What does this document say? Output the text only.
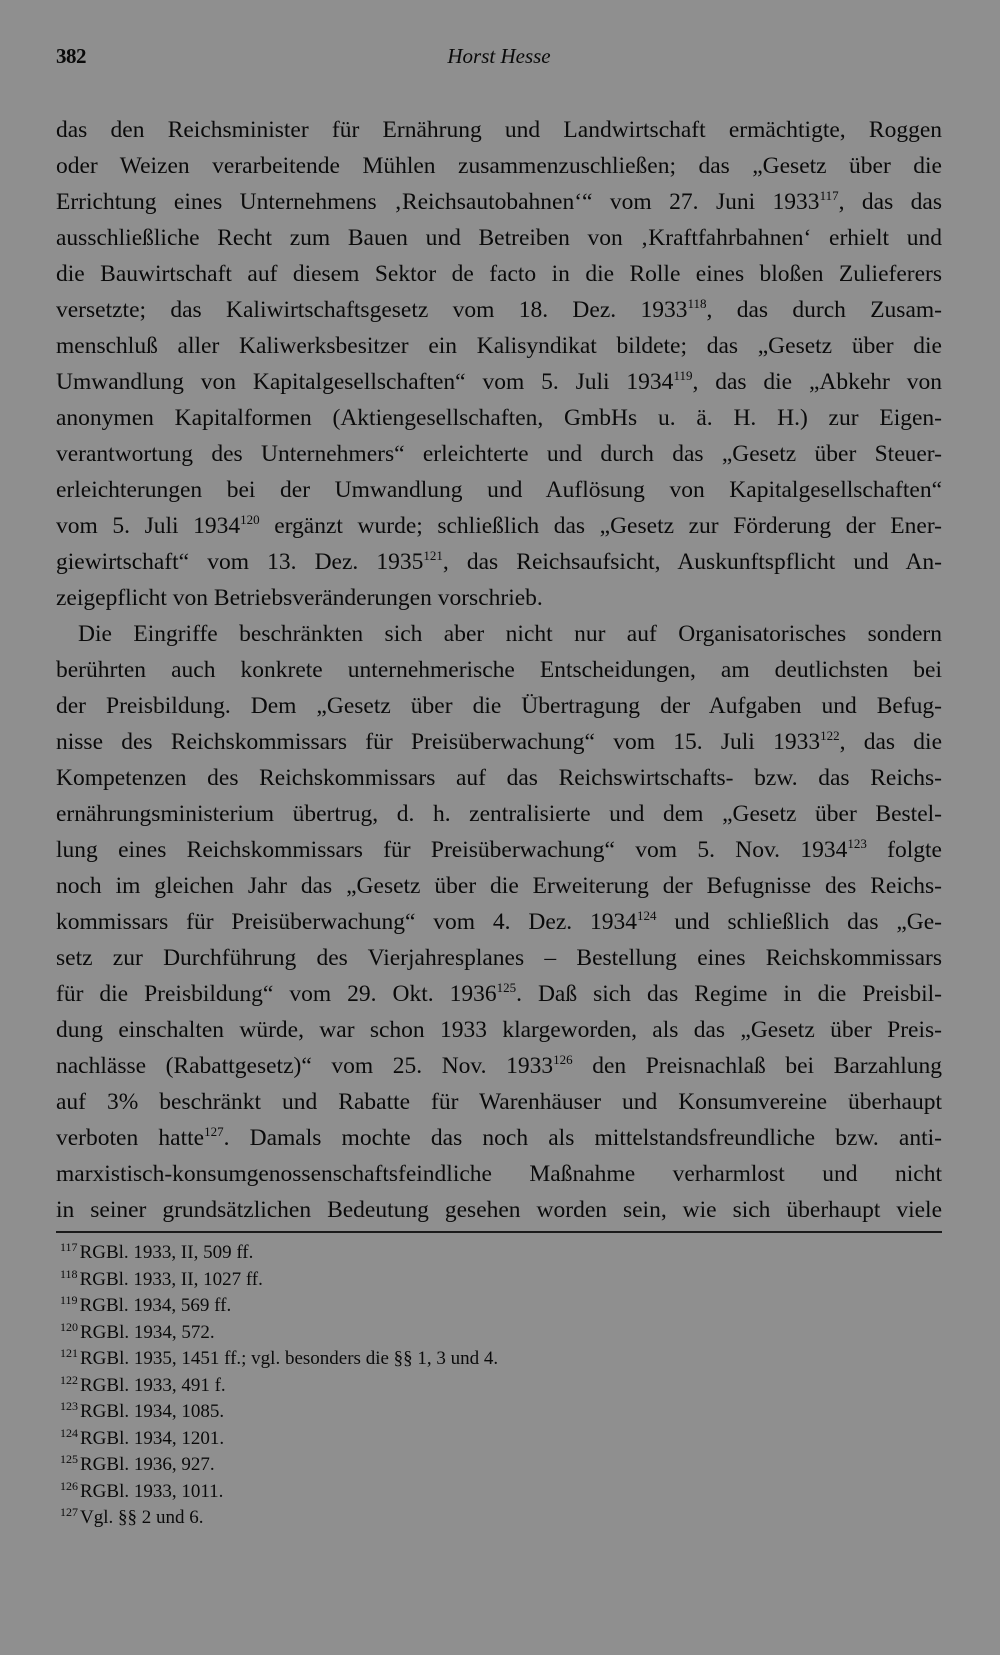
382	Horst Hesse
das den Reichsminister für Ernährung und Landwirtschaft ermächtigte, Roggen
oder Weizen verarbeitende Mühlen zusammenzuschließen; das „Gesetz über die
Errichtung eines Unternehmens ‚Reichsautobahnen‘“ vom 27. Juni 1933$^{117}$, das das
ausschließliche Recht zum Bauen und Betreiben von ‚Kraftfahrbahnen‘ erhielt und
die Bauwirtschaft auf diesem Sektor de facto in die Rolle eines bloßen Zulieferers
versetzte; das Kaliwirtschaftsgesetz vom 18. Dez. 1933$^{118}$, das durch Zusam-
menschluß aller Kaliwerksbesitzer ein Kalisyndikat bildete; das „Gesetz über die
Umwandlung von Kapitalgesellschaften“ vom 5. Juli 1934$^{119}$, das die „Abkehr von
anonymen Kapitalformen (Aktiengesellschaften, GmbHs u. ä. H. H.) zur Eigen-
verantwortung des Unternehmers“ erleichterte und durch das „Gesetz über Steuer-
erleichterungen bei der Umwandlung und Auflösung von Kapitalgesellschaften“
vom 5. Juli 1934$^{120}$ ergänzt wurde; schließlich das „Gesetz zur Förderung der Ener-
giewirtschaft“ vom 13. Dez. 1935$^{121}$, das Reichsaufsicht, Auskunftspflicht und An-
zeigepflicht von Betriebsveränderungen vorschrieb.
Die Eingriffe beschränkten sich aber nicht nur auf Organisatorisches sondern
berührten auch konkrete unternehmerische Entscheidungen, am deutlichsten bei
der Preisbildung. Dem „Gesetz über die Übertragung der Aufgaben und Befug-
nisse des Reichskommissars für Preisüberwachung“ vom 15. Juli 1933$^{122}$, das die
Kompetenzen des Reichskommissars auf das Reichswirtschafts- bzw. das Reichs-
ernährungsministerium übertrug, d. h. zentralisierte und dem „Gesetz über Bestel-
lung eines Reichskommissars für Preisüberwachung“ vom 5. Nov. 1934$^{123}$ folgte
noch im gleichen Jahr das „Gesetz über die Erweiterung der Befugnisse des Reichs-
kommissars für Preisüberwachung“ vom 4. Dez. 1934$^{124}$ und schließlich das „Ge-
setz zur Durchführung des Vierjahresplanes – Bestellung eines Reichskommissars
für die Preisbildung“ vom 29. Okt. 1936$^{125}$. Daß sich das Regime in die Preisbil-
dung einschalten würde, war schon 1933 klargeworden, als das „Gesetz über Preis-
nachlässe (Rabattgesetz)“ vom 25. Nov. 1933$^{126}$ den Preisnachlaß bei Barzahlung
auf 3% beschränkt und Rabatte für Warenhäuser und Konsumvereine überhaupt
verboten hatte$^{127}$. Damals mochte das noch als mittelstandsfreundliche bzw. anti-
marxistisch-konsumgenossenschaftsfeindliche Maßnahme verharmlost und nicht
in seiner grundsätzlichen Bedeutung gesehen worden sein, wie sich überhaupt viele
$^{117}$ RGBl. 1933, II, 509 ff.
$^{118}$ RGBl. 1933, II, 1027 ff.
$^{119}$ RGBl. 1934, 569 ff.
$^{120}$ RGBl. 1934, 572.
$^{121}$ RGBl. 1935, 1451 ff.; vgl. besonders die §§ 1, 3 und 4.
$^{122}$ RGBl. 1933, 491 f.
$^{123}$ RGBl. 1934, 1085.
$^{124}$ RGBl. 1934, 1201.
$^{125}$ RGBl. 1936, 927.
$^{126}$ RGBl. 1933, 1011.
$^{127}$ Vgl. §§ 2 und 6.
